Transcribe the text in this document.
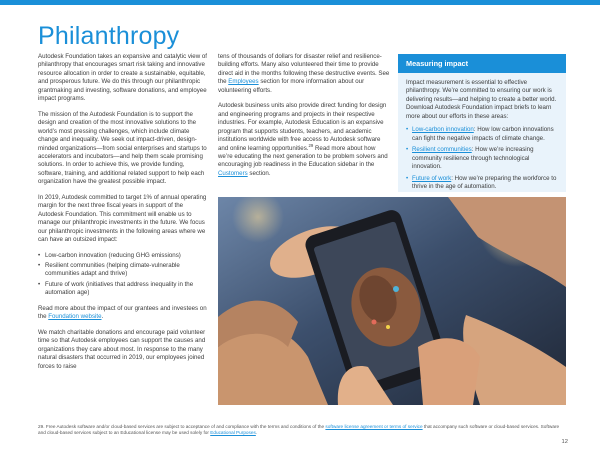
Philanthropy

Autodesk Foundation takes an expansive and catalytic view of philanthropy that encourages smart risk taking and innovative resource allocation in order to create a sustainable, equitable, and prosperous future. We do this through our philanthropic grantmaking and investing, software donations, and employee impact programs.

The mission of the Autodesk Foundation is to support the design and creation of the most innovative solutions to the world’s most pressing challenges, which include climate change and inequality. We seek out impact-driven, design-minded organizations—from social enterprises and startups to accelerators and incubators—and help them scale promising solutions. In order to achieve this, we provide funding, software, training, and additional related support to help each organization have the greatest possible impact.

In 2019, Autodesk committed to target 1% of annual operating margin for the next three fiscal years in support of the Autodesk Foundation. This commitment will enable us to manage our philanthropic investments in the future. We focus our philanthropic investments in the following areas where we can have an outsized impact:

• Low-carbon innovation (reducing GHG emissions)
• Resilient communities (helping climate-vulnerable communities adapt and thrive)
• Future of work (initiatives that address inequality in the automation age)

Read more about the impact of our grantees and investees on the Foundation website.

We match charitable donations and encourage paid volunteer time so that Autodesk employees can support the causes and organizations they care about most. In response to the many natural disasters that occurred in 2019, our employees joined forces to raise

tens of thousands of dollars for disaster relief and resilience-building efforts. Many also volunteered their time to provide direct aid in the months following these destructive events. See the Employees section for more information about our volunteering efforts.

Autodesk business units also provide direct funding for design and engineering programs and projects in their respective industries. For example, Autodesk Education is an expansive program that supports students, teachers, and academic institutions worldwide with free access to Autodesk software and online learning opportunities.$^{29}$ Read more about how we’re educating the next generation to be problem solvers and encouraging job readiness in the Education sidebar in the Customers section.

Measuring impact

Impact measurement is essential to effective philanthropy. We’re committed to ensuring our work is delivering results—and helping to create a better world. Download Autodesk Foundation impact briefs to learn more about our efforts in these areas:

• Low-carbon innovation: How low carbon innovations can fight the negative impacts of climate change.
• Resilient communities: How we’re increasing community resilience through technological innovation.
• Future of work: How we’re preparing the workforce to thrive in the age of automation.

29. Free Autodesk software and/or cloud-based services are subject to acceptance of and compliance with the terms and conditions of the software license agreement or terms of service that accompany such software or cloud-based services. Software and cloud-based services subject to an Educational license may be used solely for Educational Purposes.

12
